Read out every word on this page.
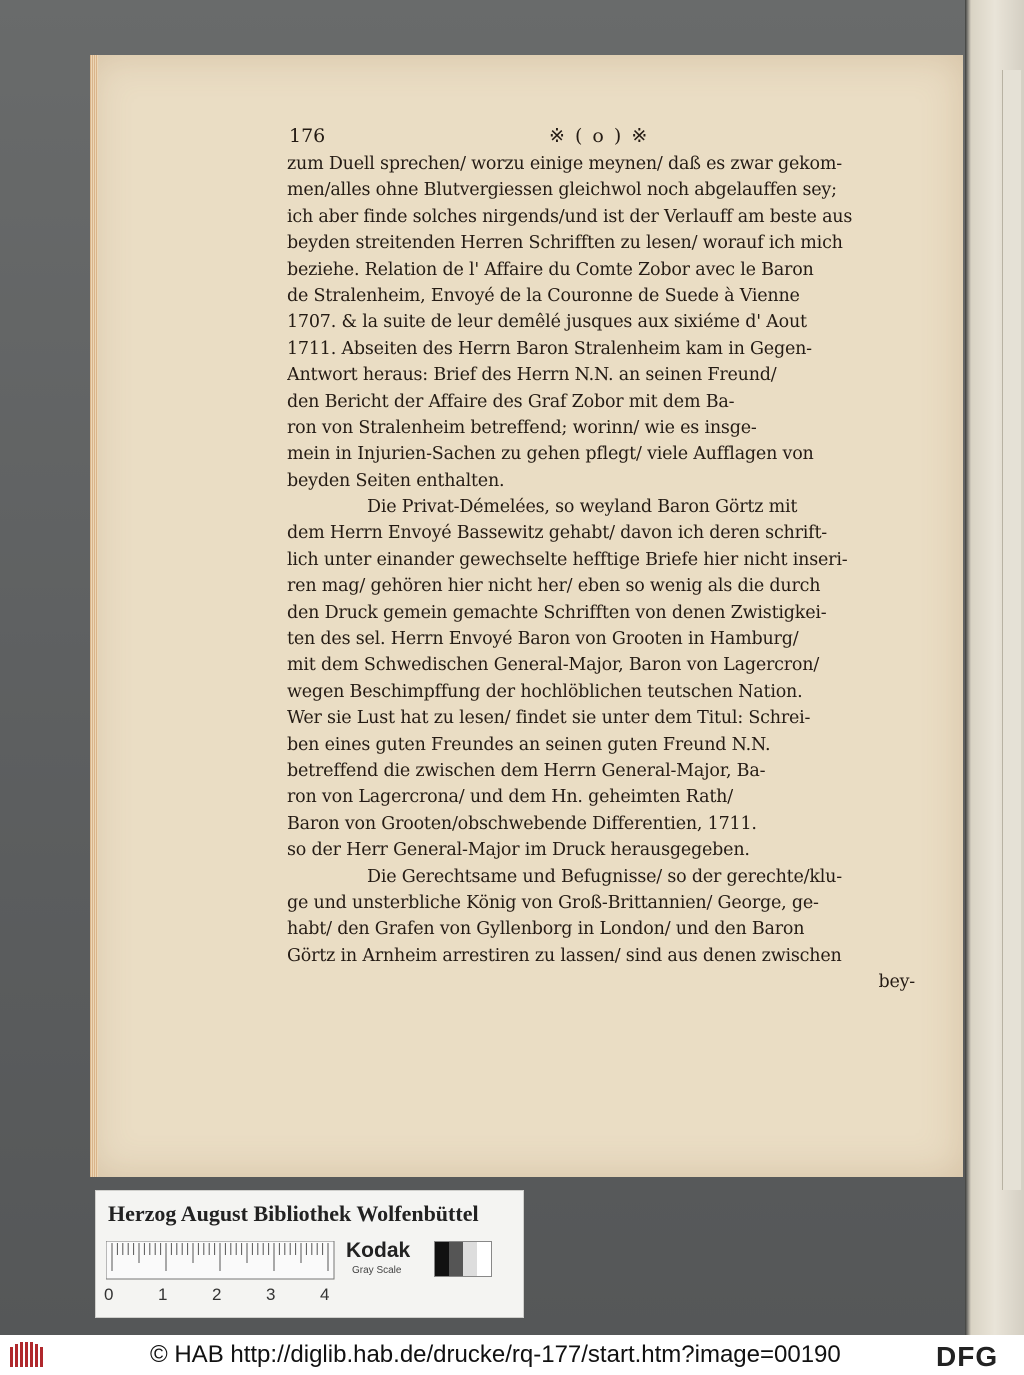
176	※ ( o ) ※
zum Duell sprechen/ worzu einige meynen/ daß es zwar gekom-
men/alles ohne Blutvergiessen gleichwol noch abgelauffen sey;
ich aber finde solches nirgends/und ist der Verlauff am beste aus
beyden streitenden Herren Schrifften zu lesen/ worauf ich mich
beziehe. Relation de l' Affaire du Comte Zobor avec le Baron
de Stralenheim, Envoyé de la Couronne de Suede à Vienne
1707. & la suite de leur demêlé jusques aux sixiéme d' Aout
1711. Abseiten des Herrn Baron Stralenheim kam in Gegen-
Antwort heraus: Brief des Herrn N.N. an seinen Freund/
den Bericht der Affaire des Graf Zobor mit dem Ba-
ron von Stralenheim betreffend; worinn/ wie es insge-
mein in Injurien-Sachen zu gehen pflegt/ viele Aufflagen von
beyden Seiten enthalten.
Die Privat-Démelées, so weyland Baron Görtz mit
dem Herrn Envoyé Bassewitz gehabt/ davon ich deren schrift-
lich unter einander gewechselte hefftige Briefe hier nicht inseri-
ren mag/ gehören hier nicht her/ eben so wenig als die durch
den Druck gemein gemachte Schrifften von denen Zwistigkei-
ten des sel. Herrn Envoyé Baron von Grooten in Hamburg/
mit dem Schwedischen General-Major, Baron von Lagercron/
wegen Beschimpffung der hochlöblichen teutschen Nation.
Wer sie Lust hat zu lesen/ findet sie unter dem Titul: Schrei-
ben eines guten Freundes an seinen guten Freund N.N.
betreffend die zwischen dem Herrn General-Major, Ba-
ron von Lagercrona/ und dem Hn. geheimten Rath/
Baron von Grooten/obschwebende Differentien, 1711.
so der Herr General-Major im Druck herausgegeben.
Die Gerechtsame und Befugnisse/ so der gerechte/klu-
ge und unsterbliche König von Groß-Brittannien/ George, ge-
habt/ den Grafen von Gyllenborg in London/ und den Baron
Görtz in Arnheim arrestiren zu lassen/ sind aus denen zwischen
bey-
Herzog August Bibliothek Wolfenbüttel
0	1	2	3	4
Kodak
Gray Scale
© HAB http://diglib.hab.de/drucke/rq-177/start.htm?image=00190	DFG
